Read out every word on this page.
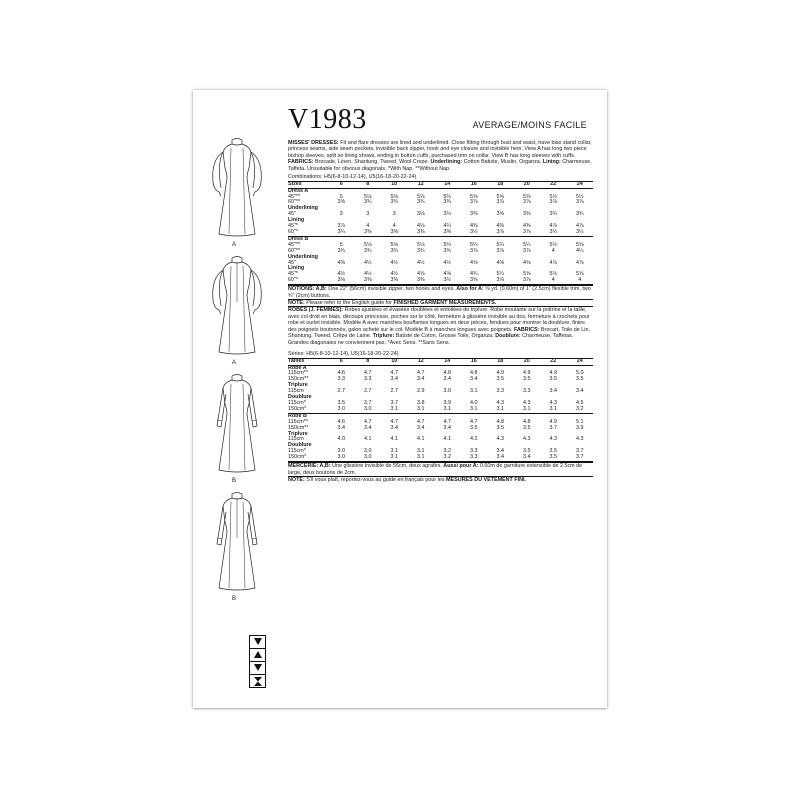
V1983	AVERAGE/MOINS FACILE
A
A
B
B
MISSES' DRESSES: Fit and flare dresses are lined and underlined. Close fitting through bust and waist, have bias stand collar, princess seams, side seam pockets, invisible back zipper, hook and eye closure and invisible hem. View A has long two piece bishop sleeves, split so lining shows, ending in button cuffs, purchased trim on collar. View B has long sleeves with cuffs. FABRICS: Brocade, Linen, Shantung, Tweed, Wool Crepe. Underlining: Cotton Batiste, Muslin, Organza. Lining: Charmeuse, Taffeta. Unsuitable for obvious diagonals. *With Nap. **Without Nap.
Combinations: H5(6-8-10-12-14), U5(16-18-20-22-24)
Sizes	6	8	10	12	14	16	18	20	22	24
Dress A										
45"**	5	5⅛	5⅛	5⅛	5¼	5⅝	5⅝	5⅝	5½	5½
60"**	3⅝	3¾	3¾	3¾	3¾	3⅞	3⅞	3⅞	3⅞	3⅞
Underlining										
45"	3	3	3	3⅛	3¼	3⅜	3⅜	3⅜	3¾	3¾
Lining										
45"*	3⅞	4	4	4⅛	4¼	4⅜	4⅜	4⅜	4⅞	4⅞
60"*	3¼	3⅜	3⅜	3⅜	3⅜	3½	3⅞	3⅞	3½	3½
Dress B										
45"**	5	5⅛	5⅛	5⅛	5¼	5¼	5¼	5¼	5½	5⅝
60"**	3¾	3¾	3¾	3¾	3¾	3⅞	3⅞	3⅞	4	4¼
Underlining										
45"	4⅜	4½	4½	4½	4½	4⅝	4⅝	4⅝	4⅞	4⅞
Lining										
45"*	4½	4½	4½	4⅝	4⅝	4¾	5¼	5⅝	5½	5⅝
60"*	3⅛	3⅜	3⅜	3⅜	3½	3⅝	3⅞	3⅞	4	4

NOTIONS: A,B: One 22" (56cm) invisible zipper, two hooks and eyes. Also for A: ⅝ yd. (0.60m) of 1" (2.5cm) flexible trim, two ¾" (2cm) buttons.
NOTE: Please refer to the English guide for FINISHED GARMENT MEASUREMENTS.
ROBES (J. FEMMES): Robes ajustées et évasées doublées et entoilées de triplure. Robe moulante sur la poitrine et la taille, avec col droit en biais, découpe princesse, poches sur le côté, fermeture à glissière invisible au dos, fermeture à crochets pour robe et ourlet invisible. Modèle A avec manches bouffantes longues en deux pièces, fendues pour montrer la doublure, finies des poignets boutonnés, galon acheté sur le col. Modèle B à manches longues avec poignets. FABRICS: Brocart, Toile de Lin, Shantung, Tweed, Crêpe de Laine. Triplure: Batiste de Coton, Grosse Toile, Organza. Doublure: Charmeuse, Taffetas. Grandes diagonales ne conviennent pas. *Avec Sens. **Sans Sens.
Séries: H5(6-8-10-12-14), U5(16-18-20-22-24)
Tailles	6	8	10	12	14	16	18	20	22	24
Robe A										
115cm**	4.6	4.7	4.7	4.7	4.8	4.8	4.9	4.9	4.9	5.0
150cm**	3.3	3.3	3.4	3.4	3.4	3.4	3.5	3.5	3.5	3.5
Triplure										
115cm	2.7	2.7	2.7	2.9	3.0	3.1	3.3	3.3	3.4	3.4
Doublure										
115cm*	3.5	3.7	3.7	3.8	3.9	4.0	4.3	4.3	4.3	4.5
150cm*	3.0	3.0	3.1	3.1	3.1	3.1	3.1	3.1	3.1	3.2
Robe B										
115cm**	4.6	4.7	4.7	4.7	4.7	4.7	4.8	4.8	4.9	5.1
150cm**	3.4	3.4	3.4	3.4	3.4	3.5	3.5	3.5	3.7	3.9
Triplure										
115cm	4.0	4.1	4.1	4.1	4.1	4.2	4.3	4.3	4.3	4.3
Doublure										
115cm*	3.0	3.0	3.1	3.1	3.2	3.3	3.4	3.5	3.5	3.7
150cm*	3.0	3.0	3.1	3.1	3.2	3.3	3.4	3.4	3.5	3.7

MERCERIE: A,B: Une glissière invisible de 56cm, deux agrafes. Aussi pour A: 0.60m de garniture extensible de 2.5cm de large, deux boutons de 2cm.
NOTE: S'il vous plaît, reportez-vous au guide en français pour les MESURES DU VÊTEMENT FINI.
